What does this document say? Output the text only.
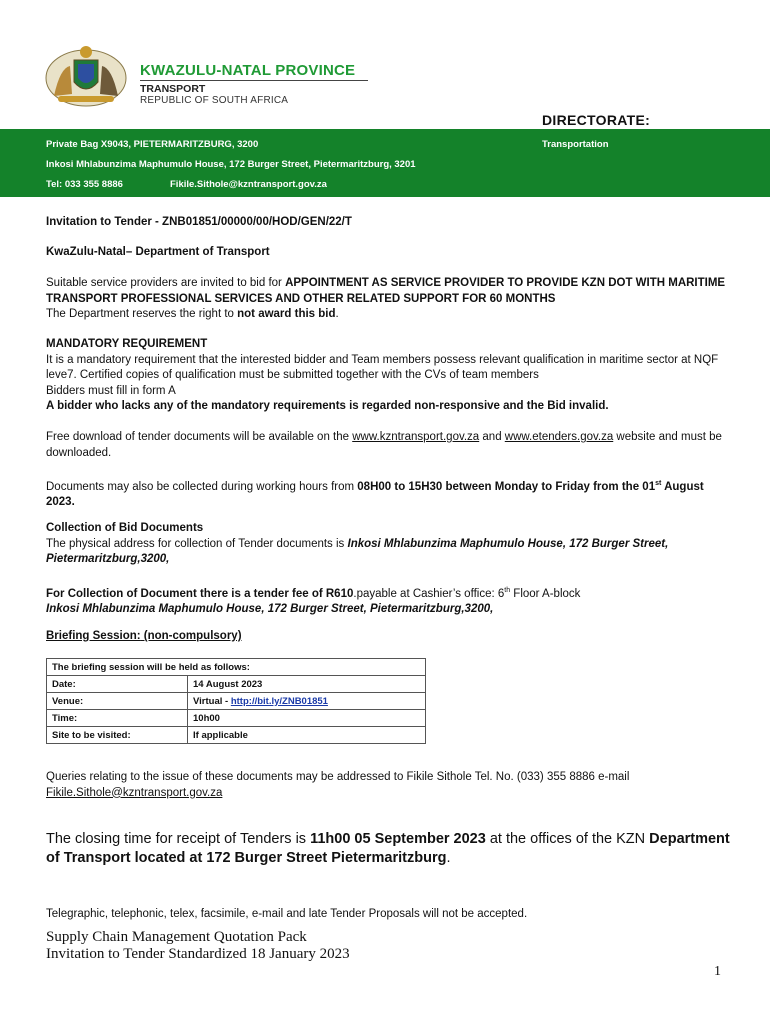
KWAZULU-NATAL PROVINCE
TRANSPORT
REPUBLIC OF SOUTH AFRICA
DIRECTORATE:
Private Bag X9043, PIETERMARITZBURG, 3200	Transportation
Inkosi Mhlabunzima Maphumulo House, 172 Burger Street, Pietermaritzburg, 3201
Tel: 033 355 8886	Fikile.Sithole@kzntransport.gov.za
Invitation to Tender - ZNB01851/00000/00/HOD/GEN/22/T
KwaZulu-Natal– Department of Transport
Suitable service providers are invited to bid for APPOINTMENT AS SERVICE PROVIDER TO PROVIDE KZN DOT WITH MARITIME TRANSPORT PROFESSIONAL SERVICES AND OTHER RELATED SUPPORT FOR 60 MONTHS
The Department reserves the right to not award this bid.
MANDATORY REQUIREMENT
It is a mandatory requirement that the interested bidder and Team members possess relevant qualification in maritime sector at NQF leve7. Certified copies of qualification must be submitted together with the CVs of team members
Bidders must fill in form A
A bidder who lacks any of the mandatory requirements is regarded non-responsive and the Bid invalid.
Free download of tender documents will be available on the www.kzntransport.gov.za and www.etenders.gov.za website and must be downloaded.
Documents may also be collected during working hours from 08H00 to 15H30 between Monday to Friday from the 01st August 2023.
Collection of Bid Documents
The physical address for collection of Tender documents is Inkosi Mhlabunzima Maphumulo House, 172 Burger Street, Pietermaritzburg,3200,
For Collection of Document there is a tender fee of R610.payable at Cashier’s office: 6th Floor A-block
Inkosi Mhlabunzima Maphumulo House, 172 Burger Street, Pietermaritzburg,3200,
Briefing Session: (non-compulsory)
The briefing session will be held as follows:	
Date:	14 August 2023
Venue:	Virtual - http://bit.ly/ZNB01851
Time:	10h00
Site to be visited:	If applicable
Queries relating to the issue of these documents may be addressed to Fikile Sithole Tel. No. (033) 355 8886 e-mail
Fikile.Sithole@kzntransport.gov.za
The closing time for receipt of Tenders is 11h00 05 September 2023 at the offices of the KZN Department of Transport located at 172 Burger Street Pietermaritzburg.
Telegraphic, telephonic, telex, facsimile, e-mail and late Tender Proposals will not be accepted.
Supply Chain Management Quotation Pack
Invitation to Tender Standardized 18 January 2023
1
